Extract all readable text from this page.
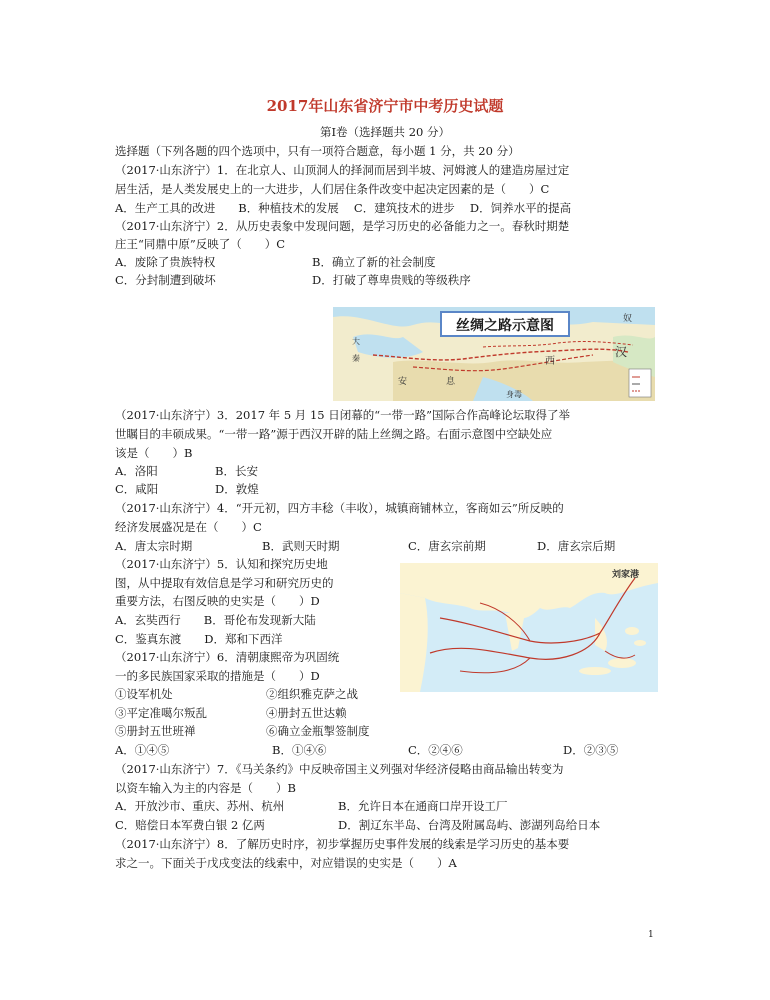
2017年山东省济宁市中考历史试题
第Ⅰ卷（选择题共 20 分）
选择题（下列各题的四个选项中，只有一项符合题意，每小题 1 分，共 20 分）
（2017·山东济宁）1．在北京人、山顶洞人的择洞而居到半坡、河姆渡人的建造房屋过定
居生活，是人类发展史上的一大进步，人们居住条件改变中起决定因素的是（　　）C
A．生产工具的改进　　B．种植技术的发展　 C．建筑技术的进步　 D．饲养水平的提高
（2017·山东济宁）2．从历史表象中发现问题，是学习历史的必备能力之一。春秋时期楚
庄王“同鼎中原”反映了（　　）C
A．废除了贵族特权	B．确立了新的社会制度
C．分封制遭到破坏	D．打破了尊卑贵贱的等级秩序
丝绸之路示意图
汉
奴
安	息
大
秦
身毒
西
（2017·山东济宁）3．2017 年 5 月 15 日闭幕的“一带一路”国际合作高峰论坛取得了举
世瞩目的丰硕成果。“一带一路”源于西汉开辟的陆上丝绸之路。右面示意图中空缺处应
该是（　　）B
A．洛阳	B．长安
C．咸阳	D．敦煌
（2017·山东济宁）4．“开元初，四方丰稔（丰收），城镇商铺林立，客商如云”所反映的
经济发展盛况是在（　　）C
A．唐太宗时期	B．武则天时期	C．唐玄宗前期	D．唐玄宗后期
（2017·山东济宁）5．认知和探究历史地
图，从中提取有效信息是学习和研究历史的
重要方法，右图反映的史实是（　　）D
A．玄奘西行　　B．哥伦布发现新大陆
C．鉴真东渡　　D．郑和下西洋
刘家港
（2017·山东济宁）6．清朝康熙帝为巩固统
一的多民族国家采取的措施是（　　）D
①设军机处	②组织雅克萨之战
③平定准噶尔叛乱	④册封五世达赖
⑤册封五世班禅	⑥确立金瓶掣签制度
A．①④⑤	B．①④⑥	C．②④⑥	D．②③⑤
（2017·山东济宁）7．《马关条约》中反映帝国主义列强对华经济侵略由商品输出转变为
以资车输入为主的内容是（　　）B
A．开放沙市、重庆、苏州、杭州	B．允许日本在通商口岸开设工厂
C．赔偿日本军费白银 2 亿两	D．割辽东半岛、台湾及附属岛屿、澎湖列岛给日本
（2017·山东济宁）8．了解历史时序，初步掌握历史事件发展的线索是学习历史的基本要
求之一。下面关于戊戌变法的线索中，对应错误的史实是（　　）A
1
